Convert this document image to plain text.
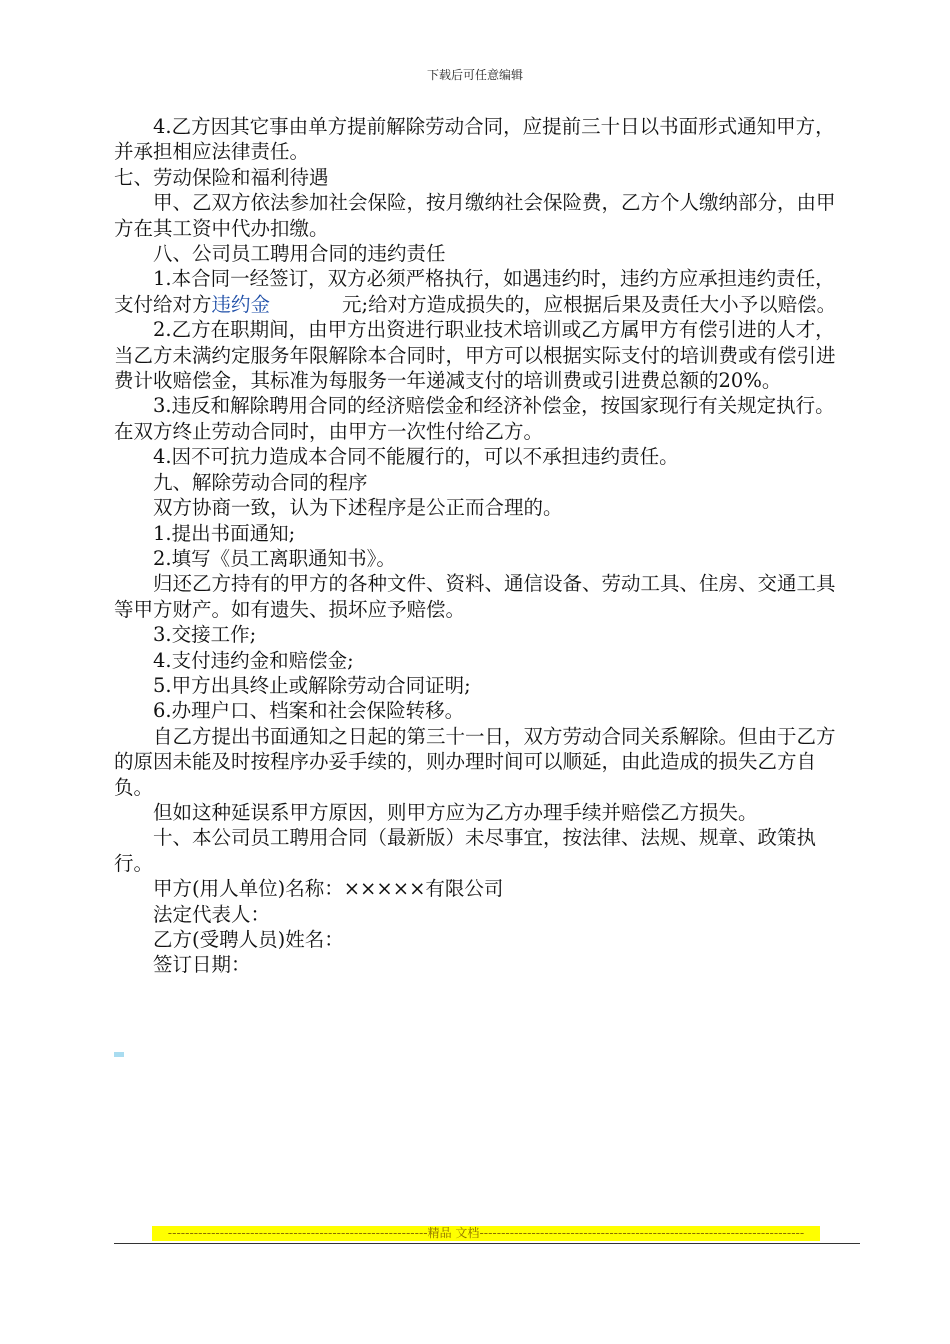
下载后可任意编辑

4.乙方因其它事由单方提前解除劳动合同，应提前三十日以书面形式通知甲方，并承担相应法律责任。

七、劳动保险和福利待遇

甲、乙双方依法参加社会保险，按月缴纳社会保险费，乙方个人缴纳部分，由甲方在其工资中代办扣缴。

八、公司员工聘用合同的违约责任

1.本合同一经签订，双方必须严格执行，如遇违约时，违约方应承担违约责任，支付给对方违约金	元;给对方造成损失的，应根据后果及责任大小予以赔偿。

2.乙方在职期间，由甲方出资进行职业技术培训或乙方属甲方有偿引进的人才，当乙方未满约定服务年限解除本合同时，甲方可以根据实际支付的培训费或有偿引进费计收赔偿金，其标准为每服务一年递减支付的培训费或引进费总额的20%。

3.违反和解除聘用合同的经济赔偿金和经济补偿金，按国家现行有关规定执行。在双方终止劳动合同时，由甲方一次性付给乙方。

4.因不可抗力造成本合同不能履行的，可以不承担违约责任。

九、解除劳动合同的程序

双方协商一致，认为下述程序是公正而合理的。

1.提出书面通知;

2.填写《员工离职通知书》。

归还乙方持有的甲方的各种文件、资料、通信设备、劳动工具、住房、交通工具等甲方财产。如有遗失、损坏应予赔偿。

3.交接工作;

4.支付违约金和赔偿金;

5.甲方出具终止或解除劳动合同证明;

6.办理户口、档案和社会保险转移。

自乙方提出书面通知之日起的第三十一日，双方劳动合同关系解除。但由于乙方的原因未能及时按程序办妥手续的，则办理时间可以顺延，由此造成的损失乙方自负。

但如这种延误系甲方原因，则甲方应为乙方办理手续并赔偿乙方损失。

十、本公司员工聘用合同（最新版）未尽事宜，按法律、法规、规章、政策执行。

甲方(用人单位)名称：×××××有限公司

法定代表人：

乙方(受聘人员)姓名：

签订日期：

------------------------------------------------------------精品 文档---------------------------------------------------------------------------
